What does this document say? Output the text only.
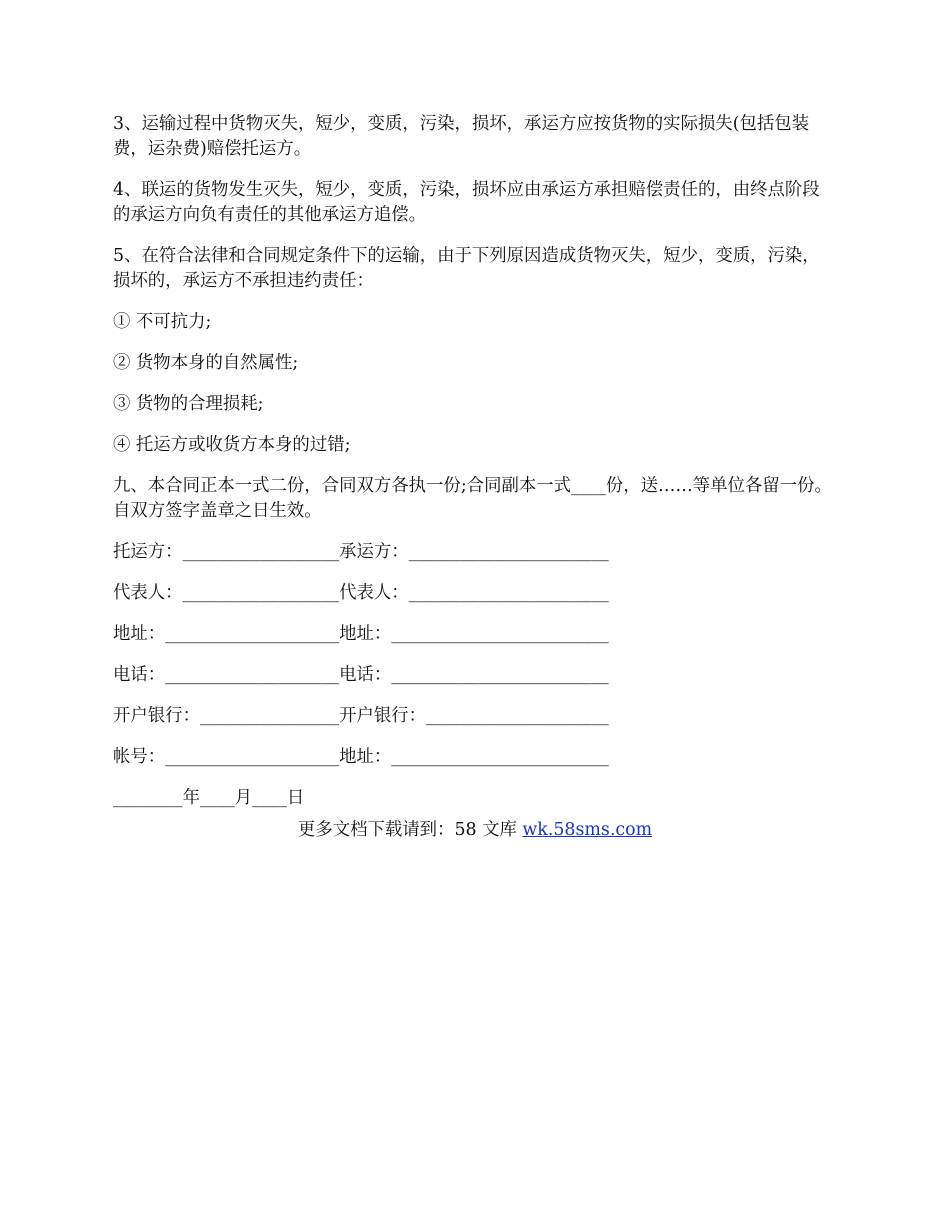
3、运输过程中货物灭失，短少，变质，污染，损坏，承运方应按货物的实际损失(包括包装费，运杂费)赔偿托运方。

4、联运的货物发生灭失，短少，变质，污染，损坏应由承运方承担赔偿责任的，由终点阶段的承运方向负有责任的其他承运方追偿。

5、在符合法律和合同规定条件下的运输，由于下列原因造成货物灭失，短少，变质，污染，损坏的，承运方不承担违约责任：

① 不可抗力;

② 货物本身的自然属性;

③ 货物的合理损耗;

④ 托运方或收货方本身的过错;

九、本合同正本一式二份，合同双方各执一份;合同副本一式____份，送……等单位各留一份。自双方签字盖章之日生效。

托运方：__________________承运方：_______________________
代表人：__________________代表人：_______________________
地址：____________________地址：_________________________
电话：____________________电话：_________________________
开户银行：________________开户银行：_____________________
帐号：____________________地址：_________________________
________年____月____日
更多文档下载请到：58 文库 wk.58sms.com
